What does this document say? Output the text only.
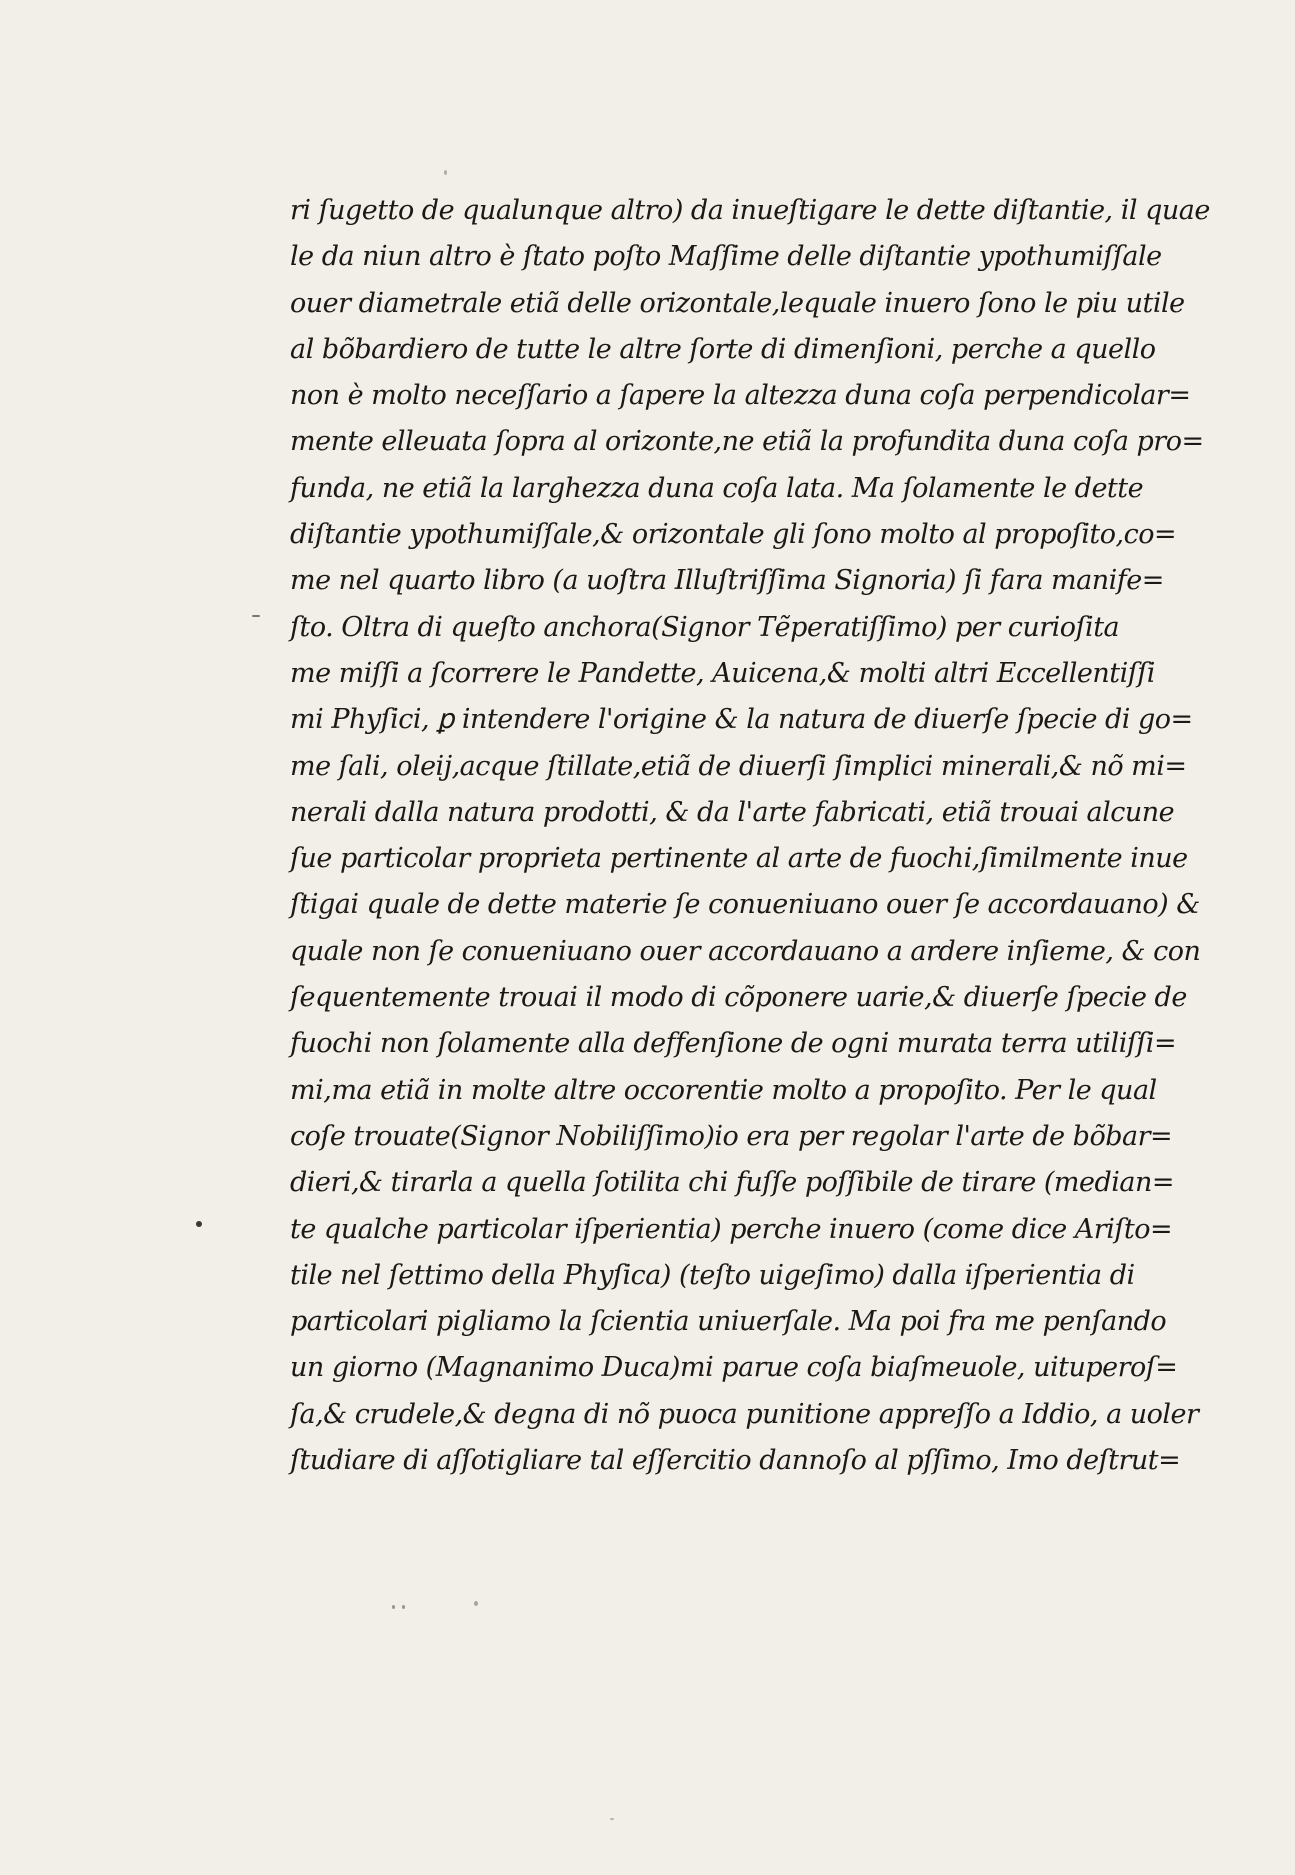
ri ſugetto de qualunque altro) da inueſtigare le dette diſtantie, il quae
le da niun altro è ſtato poſto Maſſime delle diſtantie ypothumiſſale
ouer diametrale etiã delle orizontale,lequale inuero ſono le piu utile
al bõbardiero de tutte le altre ſorte di dimenſioni, perche a quello
non è molto neceſſario a ſapere la altezza duna coſa perpendicolar=
mente elleuata ſopra al orizonte,ne etiã la profundita duna coſa pro=
funda, ne etiã la larghezza duna coſa lata. Ma ſolamente le dette
diſtantie ypothumiſſale,& orizontale gli ſono molto al propoſito,co=
me nel quarto libro (a uoſtra Illuſtriſſima Signoria) ſi fara manife=
ſto. Oltra di queſto anchora(Signor Tẽperatiſſimo) per curioſita
me miſſi a ſcorrere le Pandette, Auicena,& molti altri Eccellentiſſi
mi Phyſici, ꝑ intendere l'origine & la natura de diuerſe ſpecie di go=
me ſali, oleij,acque ſtillate,etiã de diuerſi ſimplici minerali,& nõ mi=
nerali dalla natura prodotti, & da l'arte fabricati, etiã trouai alcune
ſue particolar proprieta pertinente al arte de fuochi,ſimilmente inue
ſtigai quale de dette materie ſe conueniuano ouer ſe accordauano) &
quale non ſe conueniuano ouer accordauano a ardere inſieme, & con
ſequentemente trouai il modo di cõponere uarie,& diuerſe ſpecie de
fuochi non ſolamente alla deffenſione de ogni murata terra utiliſſi=
mi,ma etiã in molte altre occorentie molto a propoſito. Per le qual
coſe trouate(Signor Nobiliſſimo)io era per regolar l'arte de bõbar=
dieri,& tirarla a quella ſotilita chi fuſſe poſſibile de tirare (median=
te qualche particolar iſperientia) perche inuero (come dice Ariſto=
tile nel ſettimo della Phyſica) (teſto uigeſimo) dalla iſperientia di
particolari pigliamo la ſcientia uniuerſale. Ma poi fra me penſando
un giorno (Magnanimo Duca)mi parue coſa biaſmeuole, uituperoſ=
ſa,& crudele,& degna di nõ puoca punitione appreſſo a Iddio, a uoler
ſtudiare di aſſotigliare tal eſſercitio dannoſo al pſſimo, Imo deſtrut=
